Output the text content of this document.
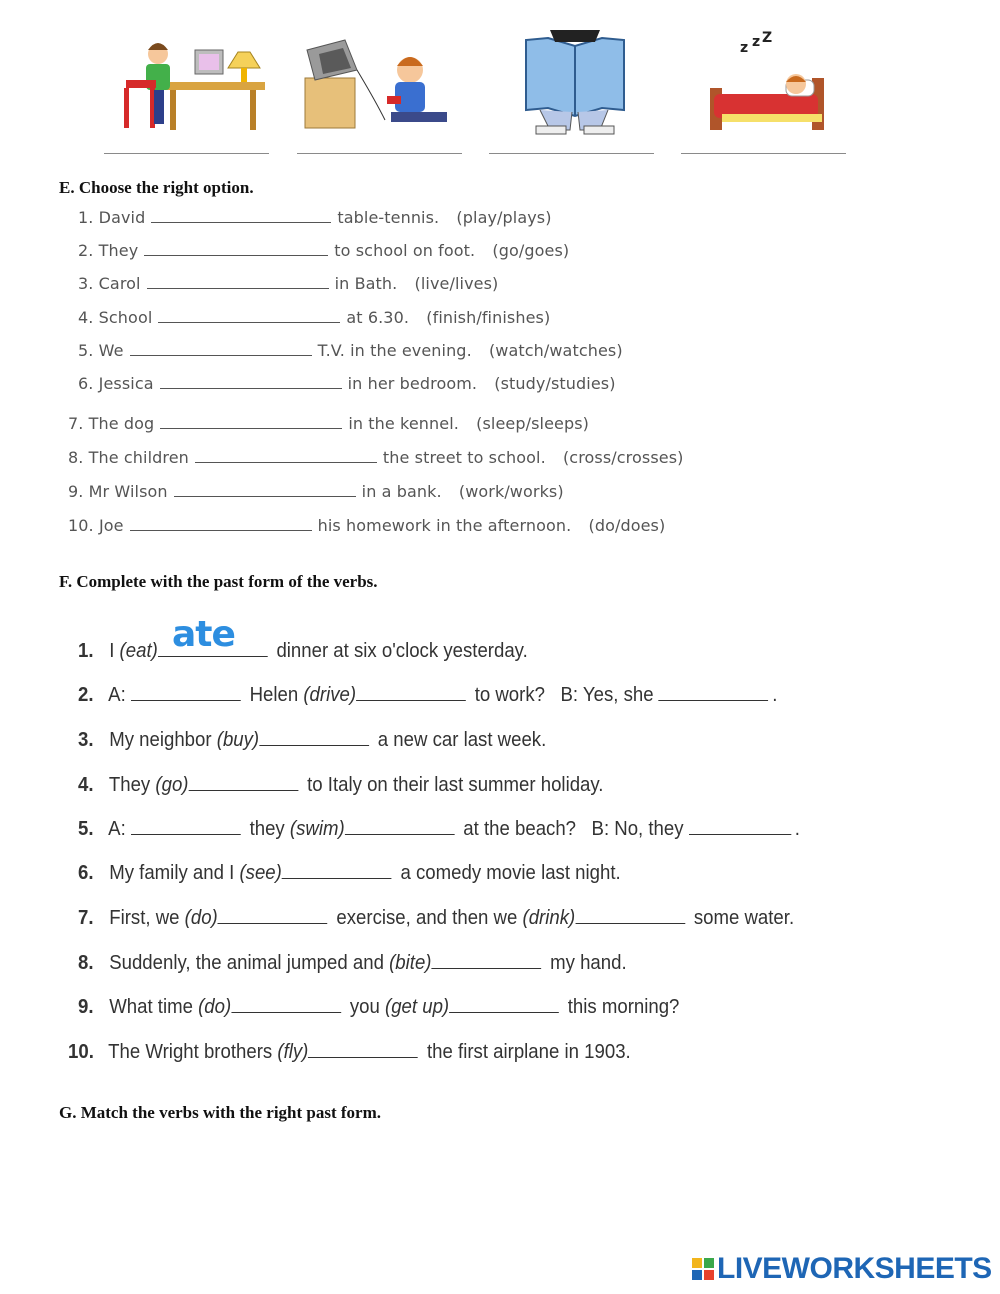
z z Z
E. Choose the right option.
1. David	table-tennis. (play/plays)
2. They	to school on foot. (go/goes)
3. Carol	in Bath. (live/lives)
4. School	at 6.30. (finish/finishes)
5. We	T.V. in the evening. (watch/watches)
6. Jessica	in her bedroom. (study/studies)
7. The dog	in the kennel. (sleep/sleeps)
8. The children	the street to school. (cross/crosses)
9. Mr Wilson	in a bank. (work/works)
10. Joe	his homework in the afternoon. (do/does)
F. Complete with the past form of the verbs.
ate
1. I (eat)	dinner at six o'clock yesterday.
2. A:	Helen (drive)	to work? B: Yes, she	.
3. My neighbor (buy)	a new car last week.
4. They (go)	to Italy on their last summer holiday.
5. A:	they (swim)	at the beach? B: No, they	.
6. My family and I (see)	a comedy movie last night.
7. First, we (do)	exercise, and then we (drink)	some water.
8. Suddenly, the animal jumped and (bite)	my hand.
9. What time (do)	you (get up)	this morning?
10. The Wright brothers (fly)	the first airplane in 1903.
G. Match the verbs with the right past form.
LIVEWORKSHEETS
